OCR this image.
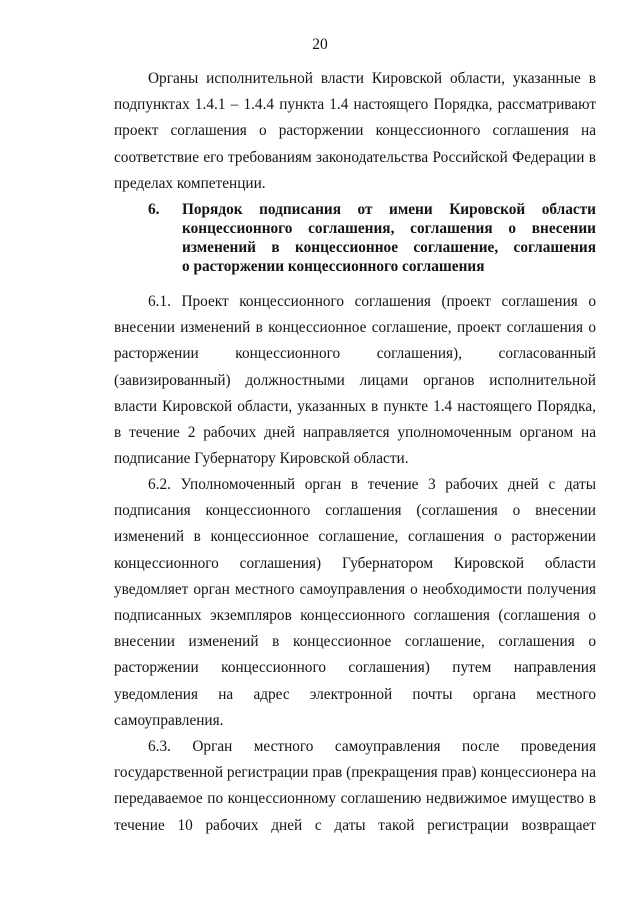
20

Органы исполнительной власти Кировской области, указанные в подпунктах 1.4.1 – 1.4.4 пункта 1.4 настоящего Порядка, рассматривают проект соглашения о расторжении концессионного соглашения на соответствие его требованиям законодательства Российской Федерации в пределах компетенции.

6. Порядок подписания от имени Кировской области
концессионного соглашения, соглашения о внесении
изменений в концессионное соглашение, соглашения
о расторжении концессионного соглашения

6.1. Проект концессионного соглашения (проект соглашения о внесении изменений в концессионное соглашение, проект соглашения о расторжении концессионного соглашения), согласованный (завизированный) должностными лицами органов исполнительной власти Кировской области, указанных в пункте 1.4 настоящего Порядка, в течение 2 рабочих дней направляется уполномоченным органом на подписание Губернатору Кировской области.

6.2. Уполномоченный орган в течение 3 рабочих дней с даты подписания концессионного соглашения (соглашения о внесении изменений в концессионное соглашение, соглашения о расторжении концессионного соглашения) Губернатором Кировской области уведомляет орган местного самоуправления о необходимости получения подписанных экземпляров концессионного соглашения (соглашения о внесении изменений в концессионное соглашение, соглашения о расторжении концессионного соглашения) путем направления уведомления на адрес электронной почты органа местного самоуправления.

6.3. Орган местного самоуправления после проведения государственной регистрации прав (прекращения прав) концессионера на передаваемое по концессионному соглашению недвижимое имущество в течение 10 рабочих дней с даты такой регистрации возвращает
